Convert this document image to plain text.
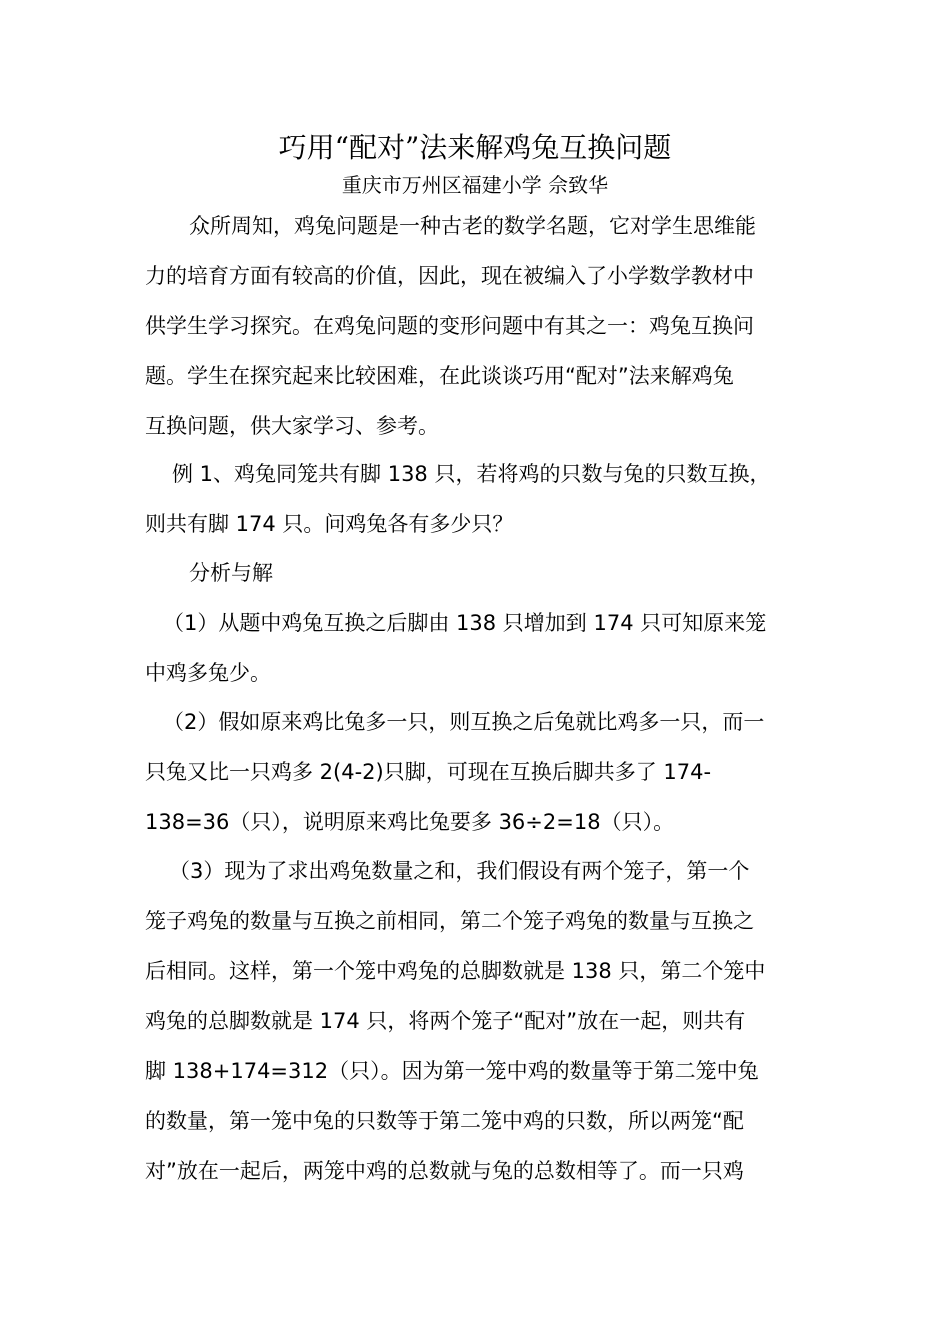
巧用“配对”法来解鸡兔互换问题
重庆市万州区福建小学 佘致华
众所周知，鸡兔问题是一种古老的数学名题，它对学生思维能
力的培育方面有较高的价值，因此，现在被编入了小学数学教材中
供学生学习探究。在鸡兔问题的变形问题中有其之一：鸡兔互换问
题。学生在探究起来比较困难，在此谈谈巧用“配对”法来解鸡兔
互换问题，供大家学习、参考。
例 1、鸡兔同笼共有脚 138 只，若将鸡的只数与兔的只数互换，
则共有脚 174 只。问鸡兔各有多少只？
分析与解
（1）从题中鸡兔互换之后脚由 138 只增加到 174 只可知原来笼
中鸡多兔少。
（2）假如原来鸡比兔多一只，则互换之后兔就比鸡多一只，而一
只兔又比一只鸡多 2(4-2)只脚，可现在互换后脚共多了 174-
138=36（只），说明原来鸡比兔要多 36÷2=18（只）。
（3）现为了求出鸡兔数量之和，我们假设有两个笼子，第一个
笼子鸡兔的数量与互换之前相同，第二个笼子鸡兔的数量与互换之
后相同。这样，第一个笼中鸡兔的总脚数就是 138 只，第二个笼中
鸡兔的总脚数就是 174 只，将两个笼子“配对”放在一起，则共有
脚 138+174=312（只）。因为第一笼中鸡的数量等于第二笼中兔
的数量，第一笼中兔的只数等于第二笼中鸡的只数，所以两笼“配
对”放在一起后，两笼中鸡的总数就与兔的总数相等了。而一只鸡
